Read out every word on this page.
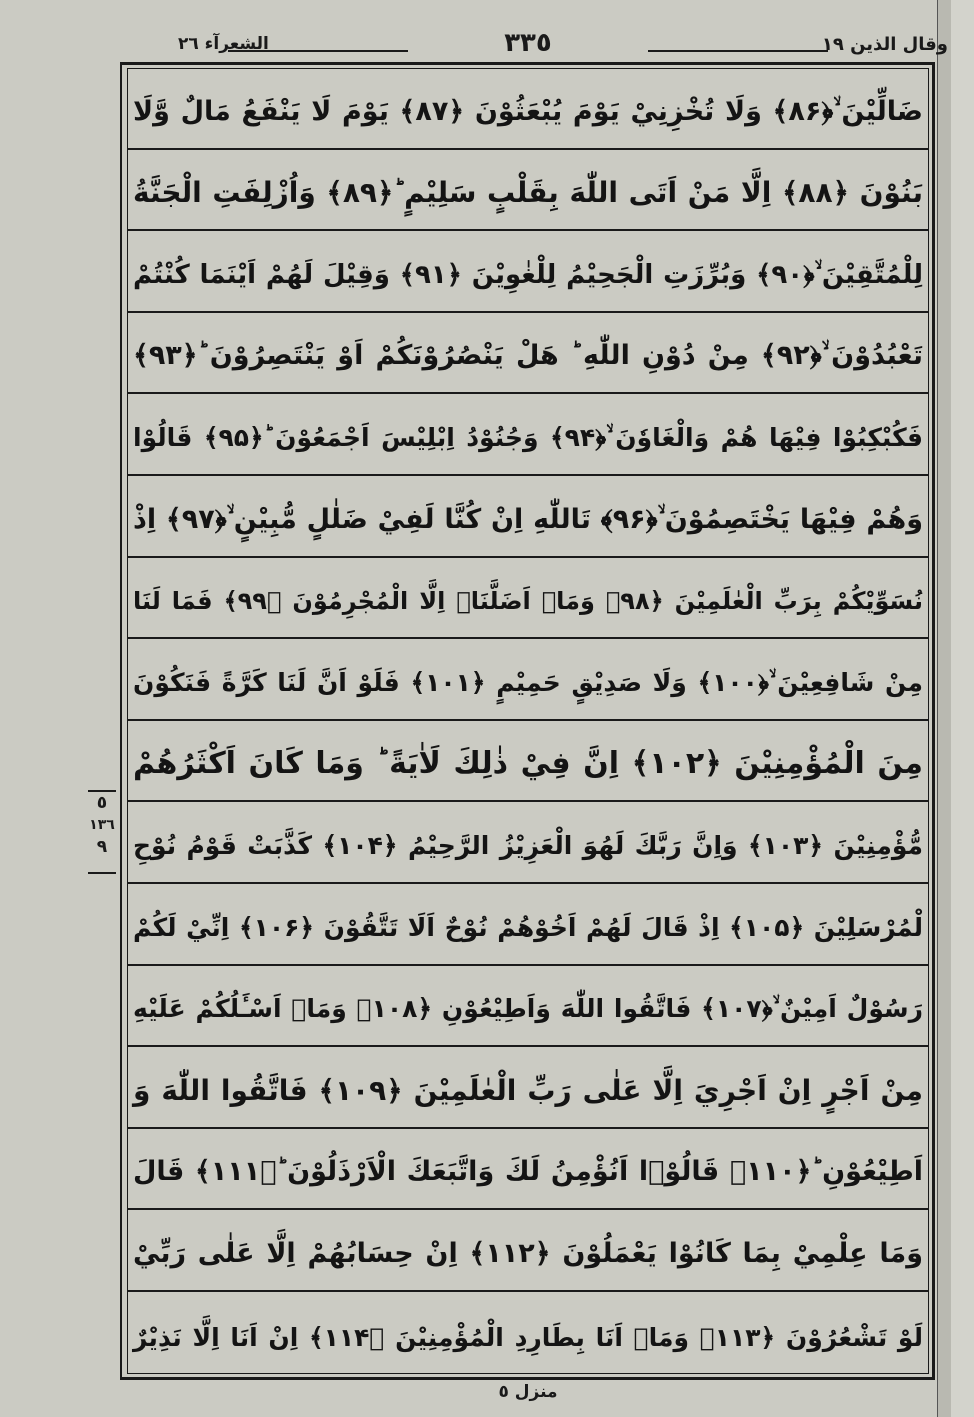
وقال الذين ١٩
٣٣٥
الشعرآء ٢٦
ضَالِّيْنَ ۙ﴿۸۶﴾ وَلَا تُخْزِنِيْ يَوْمَ يُبْعَثُوْنَ ﴿۸۷﴾ يَوْمَ لَا يَنْفَعُ مَالٌ وَّلَا
بَنُوْنَ ﴿۸۸﴾ اِلَّا مَنْ اَتَى اللّٰهَ بِقَلْبٍ سَلِيْمٍ ؕ﴿۸۹﴾ وَاُزْلِفَتِ الْجَنَّةُ
لِلْمُتَّقِيْنَ ۙ﴿۹۰﴾ وَبُرِّزَتِ الْجَحِيْمُ لِلْغٰوِيْنَ ﴿۹۱﴾ وَقِيْلَ لَهُمْ اَيْنَمَا كُنْتُمْ
تَعْبُدُوْنَ ۙ﴿۹۲﴾ مِنْ دُوْنِ اللّٰهِ ؕ هَلْ يَنْصُرُوْنَكُمْ اَوْ يَنْتَصِرُوْنَ ؕ﴿۹۳﴾
فَكُبْكِبُوْا فِيْهَا هُمْ وَالْغَاوٗنَ ۙ﴿۹۴﴾ وَجُنُوْدُ اِبْلِيْسَ اَجْمَعُوْنَ ؕ﴿۹۵﴾ قَالُوْا
وَهُمْ فِيْهَا يَخْتَصِمُوْنَ ۙ﴿۹۶﴾ تَاللّٰهِ اِنْ كُنَّا لَفِيْ ضَلٰلٍ مُّبِيْنٍ ۙ﴿۹۷﴾ اِذْ
نُسَوِّيْكُمْ بِرَبِّ الْعٰلَمِيْنَ ﴿۹۸﴾ وَمَاۤ اَضَلَّنَاۤ اِلَّا الْمُجْرِمُوْنَ ﴿۹۹﴾ فَمَا لَنَا
مِنْ شَافِعِيْنَ ۙ﴿۱۰۰﴾ وَلَا صَدِيْقٍ حَمِيْمٍ ﴿۱۰۱﴾ فَلَوْ اَنَّ لَنَا كَرَّةً فَنَكُوْنَ
مِنَ الْمُؤْمِنِيْنَ ﴿۱۰۲﴾ اِنَّ فِيْ ذٰلِكَ لَاٰيَةً ؕ وَمَا كَانَ اَكْثَرُهُمْ
مُّؤْمِنِيْنَ ﴿۱۰۳﴾ وَاِنَّ رَبَّكَ لَهُوَ الْعَزِيْزُ الرَّحِيْمُ ﴿۱۰۴﴾ كَذَّبَتْ قَوْمُ نُوْحِ
لْمُرْسَلِيْنَ ﴿۱۰۵﴾ اِذْ قَالَ لَهُمْ اَخُوْهُمْ نُوْحٌ اَلَا تَتَّقُوْنَ ﴿۱۰۶﴾ اِنِّيْ لَكُمْ
رَسُوْلٌ اَمِيْنٌ ۙ﴿۱۰۷﴾ فَاتَّقُوا اللّٰهَ وَاَطِيْعُوْنِ ﴿۱۰۸﴾ وَمَاۤ اَسْـَٔلُكُمْ عَلَيْهِ
مِنْ اَجْرٍ اِنْ اَجْرِيَ اِلَّا عَلٰى رَبِّ الْعٰلَمِيْنَ ﴿۱۰۹﴾ فَاتَّقُوا اللّٰهَ وَ
اَطِيْعُوْنِ ؕ﴿۱۱۰﴾ قَالُوْۤا اَنُؤْمِنُ لَكَ وَاتَّبَعَكَ الْاَرْذَلُوْنَ ؕ﴿۱۱۱﴾ قَالَ
وَمَا عِلْمِيْ بِمَا كَانُوْا يَعْمَلُوْنَ ﴿۱۱۲﴾ اِنْ حِسَابُهُمْ اِلَّا عَلٰى رَبِّيْ
لَوْ تَشْعُرُوْنَ ﴿۱۱۳﴾ وَمَاۤ اَنَا بِطَارِدِ الْمُؤْمِنِيْنَ ﴿۱۱۴﴾ اِنْ اَنَا اِلَّا نَذِيْرٌ
٥
١٣٦
٩
منزل ٥
